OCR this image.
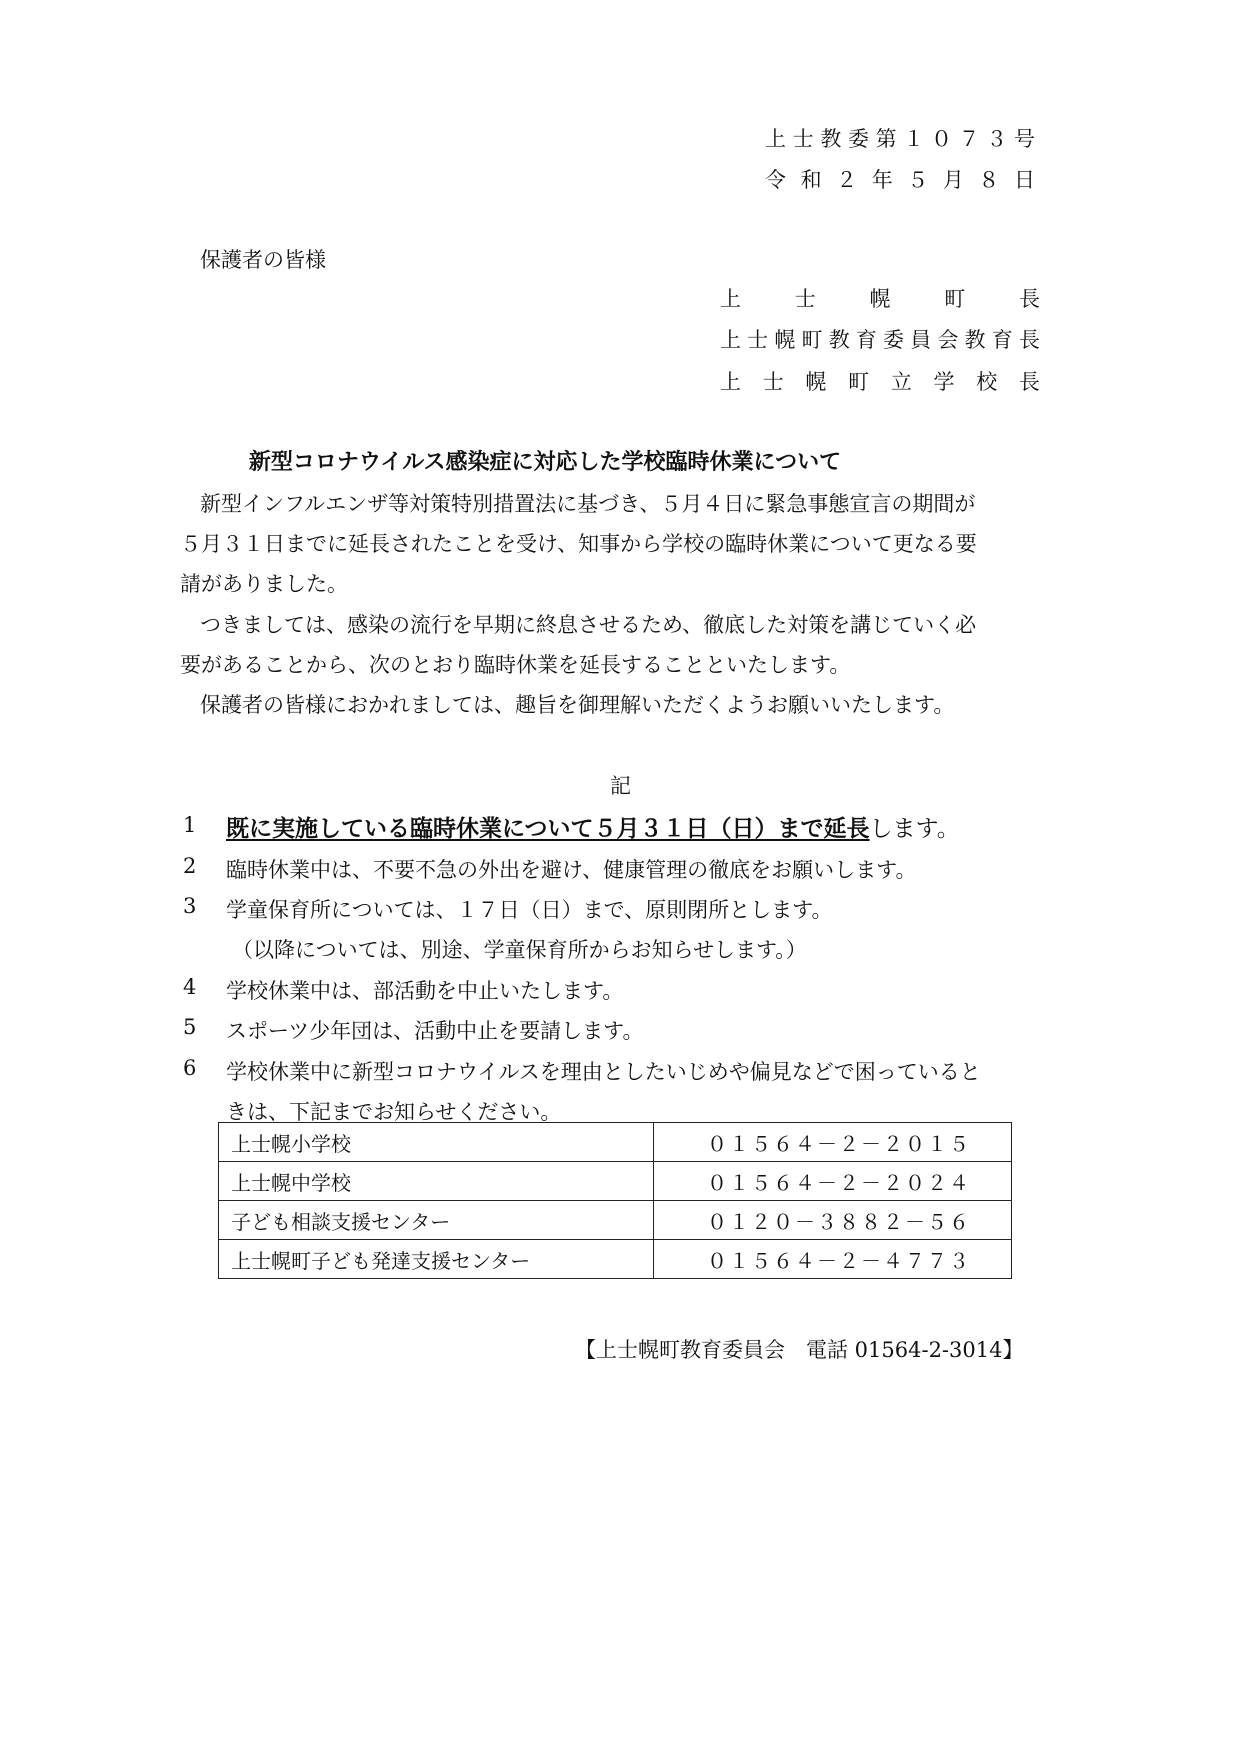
上 士 教 委 第 １ ０ ７ ３ 号
令 和 ２ 年 ５ 月 ８ 日
保護者の皆様
上	士	幌	町	長
上 士 幌 町 教 育 委 員 会 教 育 長
上 士 幌 町 立 学 校 長
新型コロナウイルス感染症に対応した学校臨時休業について
新型インフルエンザ等対策特別措置法に基づき、５月４日に緊急事態宣言の期間が
５月３１日までに延長されたことを受け、知事から学校の臨時休業について更なる要
請がありました。
つきましては、感染の流行を早期に終息させるため、徹底した対策を講じていく必
要があることから、次のとおり臨時休業を延長することといたします。
保護者の皆様におかれましては、趣旨を御理解いただくようお願いいたします。
記
1 既に実施している臨時休業について５月３１日（日）まで延長します。
2 臨時休業中は、不要不急の外出を避け、健康管理の徹底をお願いします。
3 学童保育所については、１７日（日）まで、原則閉所とします。
（以降については、別途、学童保育所からお知らせします。）
4 学校休業中は、部活動を中止いたします。
5 スポーツ少年団は、活動中止を要請します。
6 学校休業中に新型コロナウイルスを理由としたいじめや偏見などで困っていると
きは、下記までお知らせください。
上士幌小学校	０１５６４－２－２０１５
上士幌中学校	０１５６４－２－２０２４
子ども相談支援センター	０１２０－３８８２－５６
上士幌町子ども発達支援センター	０１５６４－２－４７７３
【上士幌町教育委員会　電話 01564-2-3014】
